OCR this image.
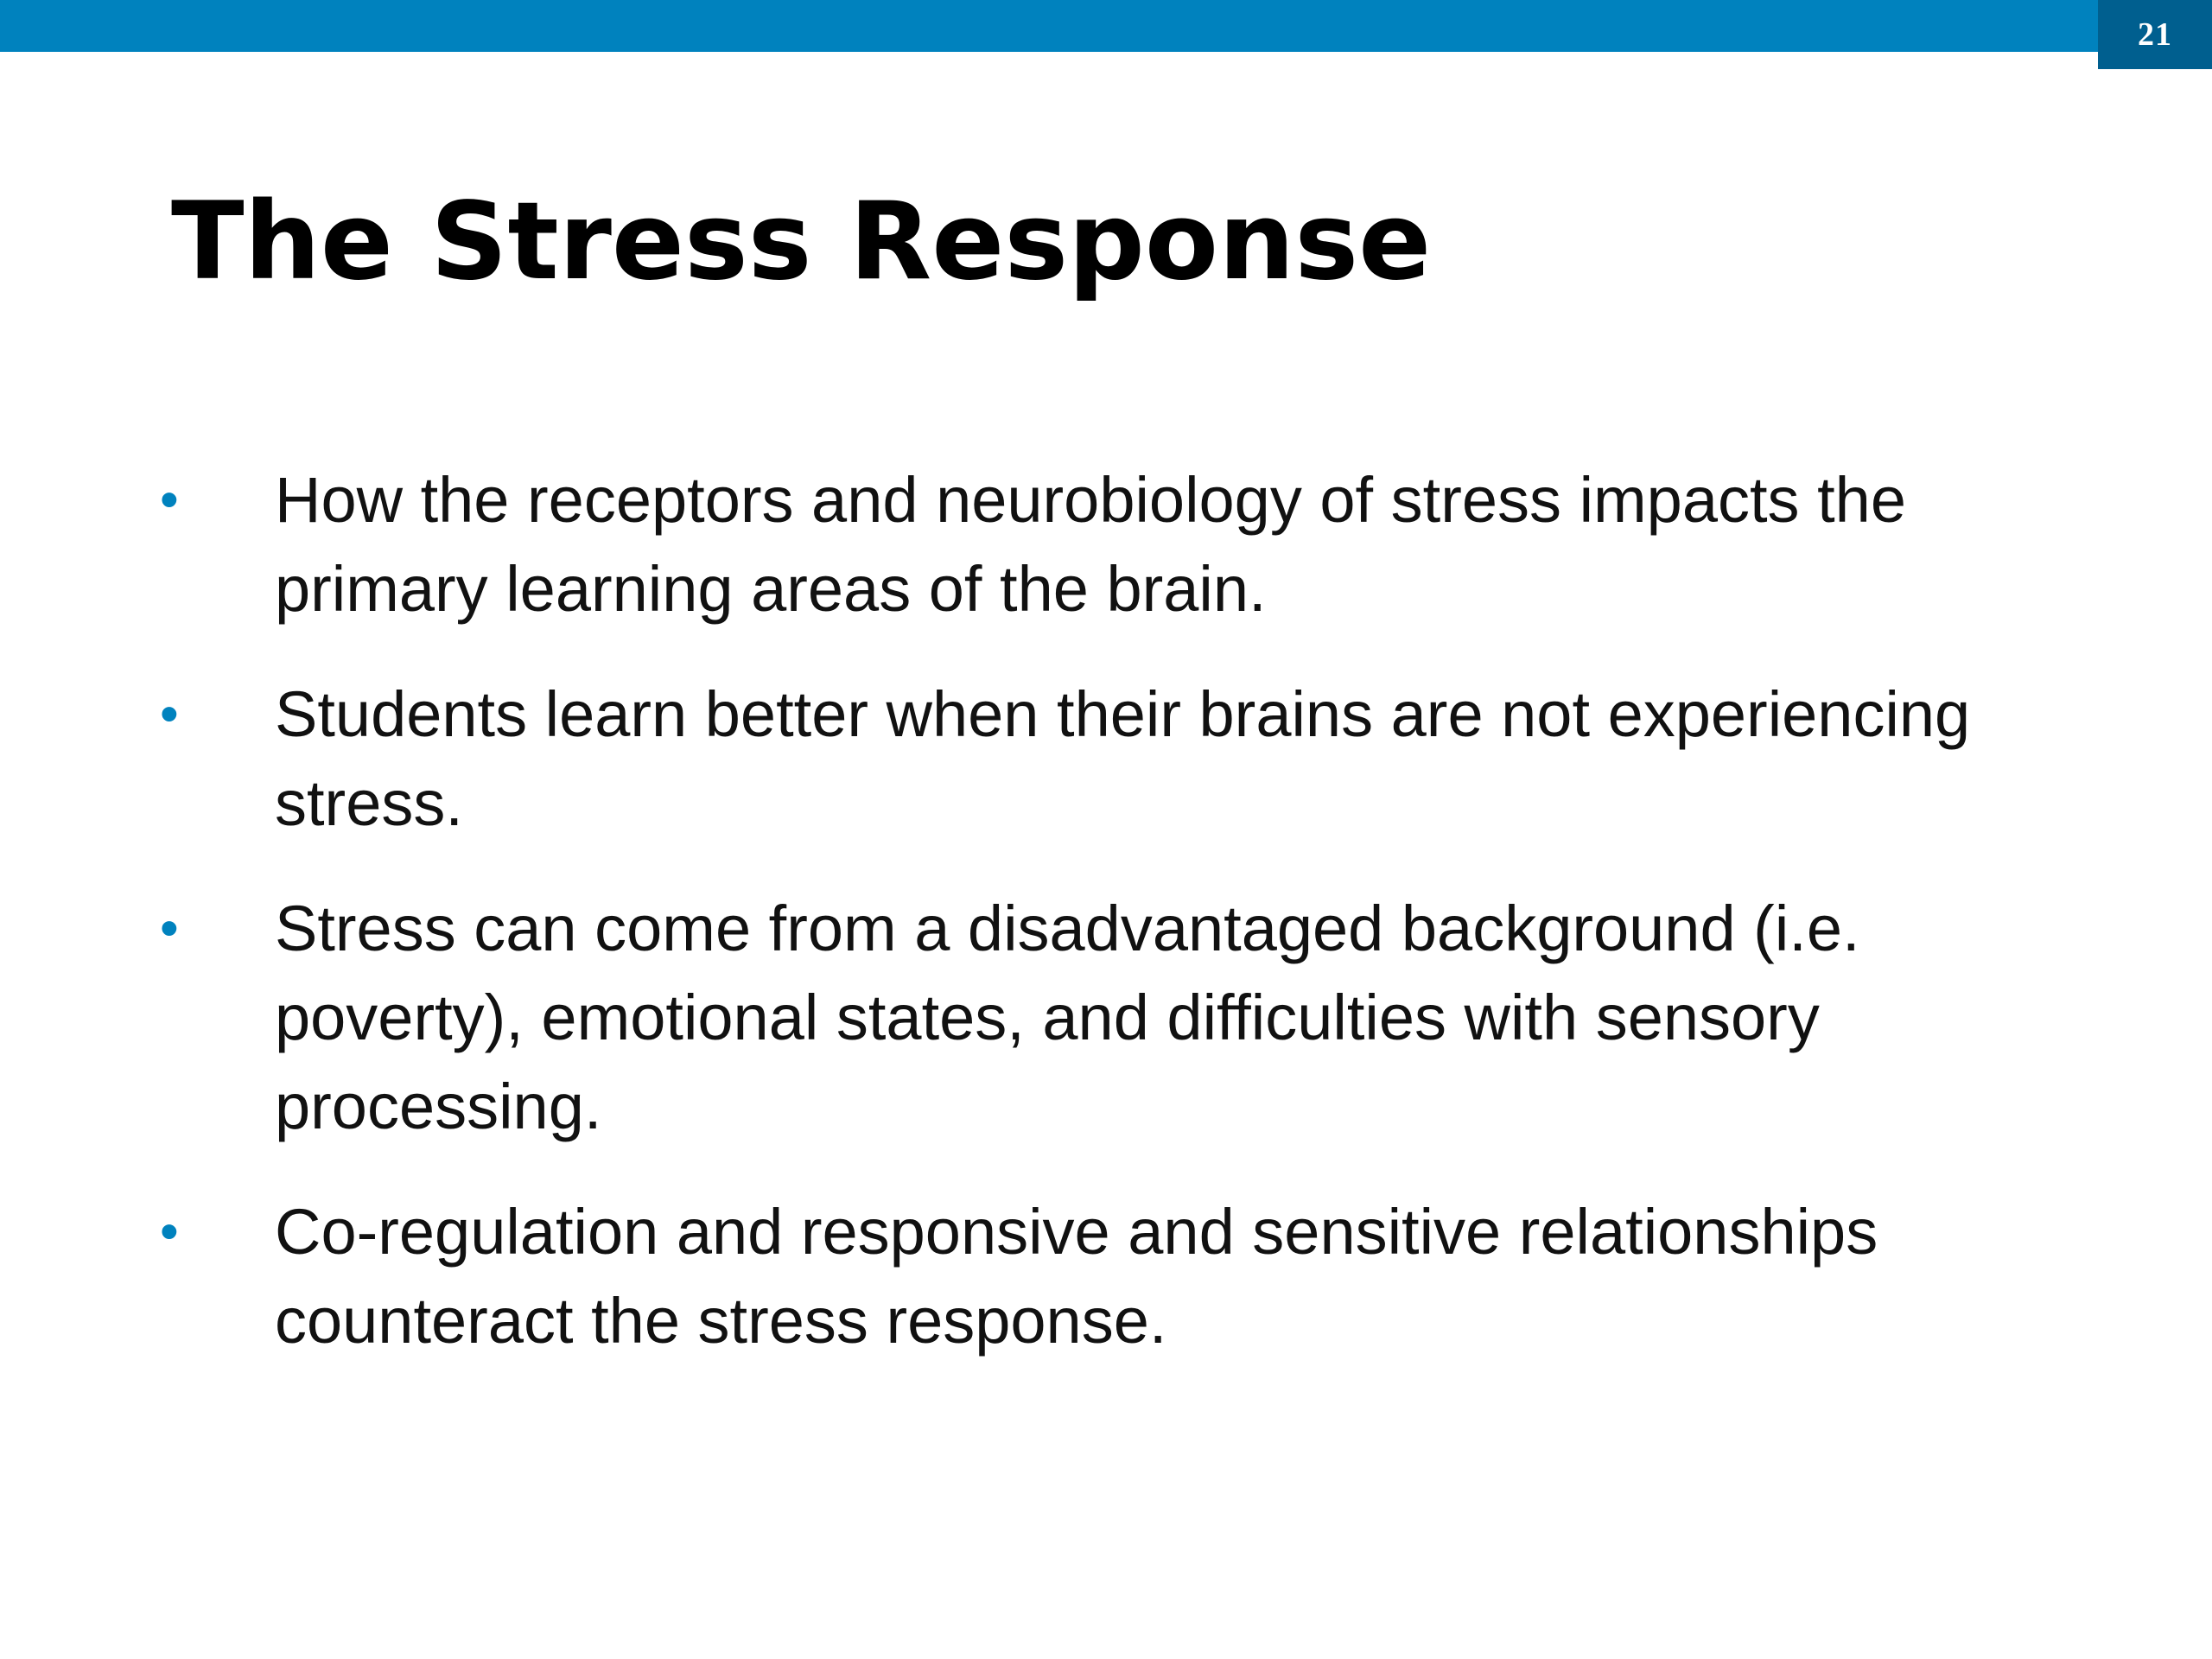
21
The Stress Response
•	How the receptors and neurobiology of stress impacts the primary learning areas of the brain.
•	Students learn better when their brains are not experiencing stress.
•	Stress can come from a disadvantaged background (i.e. poverty), emotional states, and difficulties with sensory processing.
•	Co-regulation and responsive and sensitive relationships counteract the stress response.
